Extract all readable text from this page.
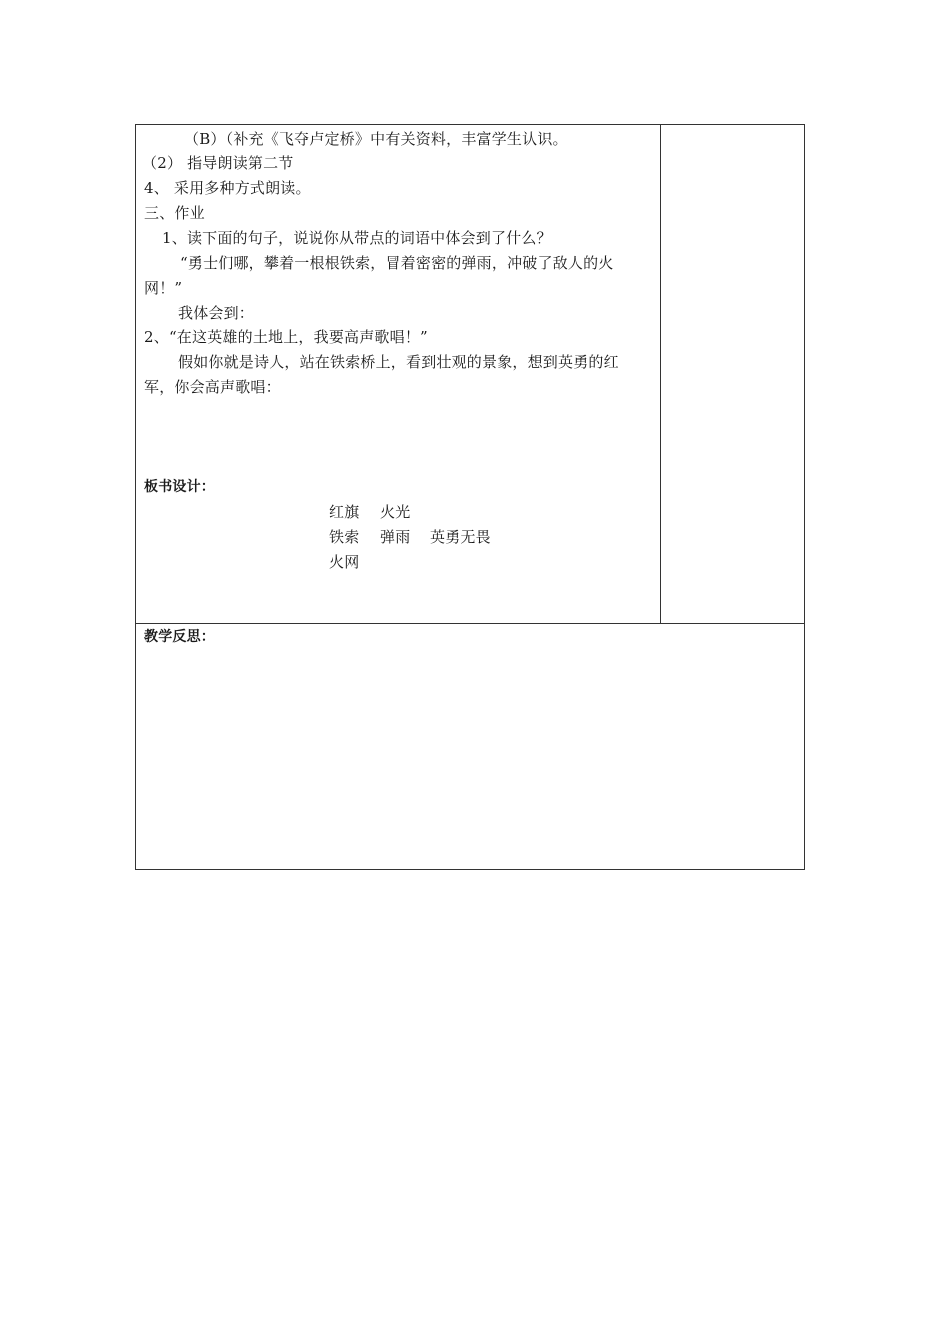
（B）（补充《飞夺卢定桥》中有关资料，丰富学生认识。
（2） 指导朗读第二节
4、 采用多种方式朗读。
三、作业
1、读下面的句子，说说你从带点的词语中体会到了什么？
“勇士们哪，攀着一根根铁索，冒着密密的弹雨，冲破了敌人的火
网！”
我体会到：
2、“在这英雄的土地上，我要高声歌唱！”
假如你就是诗人，站在铁索桥上，看到壮观的景象，想到英勇的红
军，你会高声歌唱：
板书设计：
红旗 火光
铁索 弹雨 英勇无畏
火网
教学反思：
